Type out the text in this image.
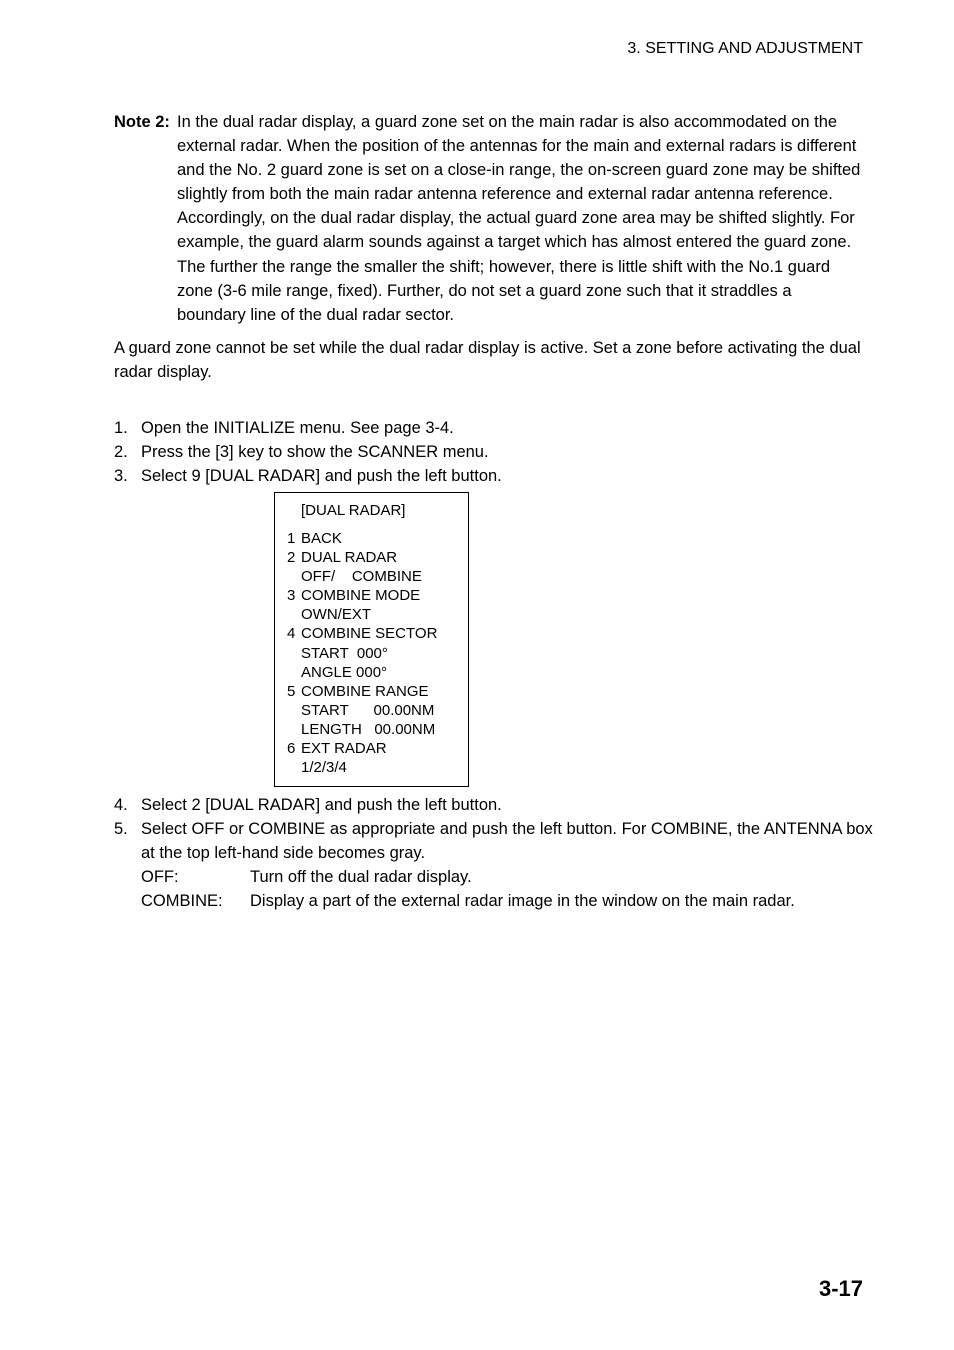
3. SETTING AND ADJUSTMENT
Note 2: In the dual radar display, a guard zone set on the main radar is also accommodated on the external radar. When the position of the antennas for the main and external radars is different and the No. 2 guard zone is set on a close-in range, the on-screen guard zone may be shifted slightly from both the main radar antenna reference and external radar antenna reference. Accordingly, on the dual radar display, the actual guard zone area may be shifted slightly. For example, the guard alarm sounds against a target which has almost entered the guard zone. The further the range the smaller the shift; however, there is little shift with the No.1 guard zone (3-6 mile range, fixed). Further, do not set a guard zone such that it straddles a boundary line of the dual radar sector.
A guard zone cannot be set while the dual radar display is active. Set a zone before activating the dual radar display.
1. Open the INITIALIZE menu. See page 3-4.
2. Press the [3] key to show the SCANNER menu.
3. Select 9 [DUAL RADAR] and push the left button.
[DUAL RADAR]
1 BACK
2 DUAL RADAR
OFF/    COMBINE
3 COMBINE MODE
OWN/EXT
4 COMBINE SECTOR
START  000°
ANGLE 000°
5 COMBINE RANGE
START      00.00NM
LENGTH   00.00NM
6 EXT RADAR
1/2/3/4
4. Select 2 [DUAL RADAR] and push the left button.
5. Select OFF or COMBINE as appropriate and push the left button. For COMBINE, the ANTENNA box at the top left-hand side becomes gray.
OFF:	Turn off the dual radar display.
COMBINE: Display a part of the external radar image in the window on the main radar.
3-17
